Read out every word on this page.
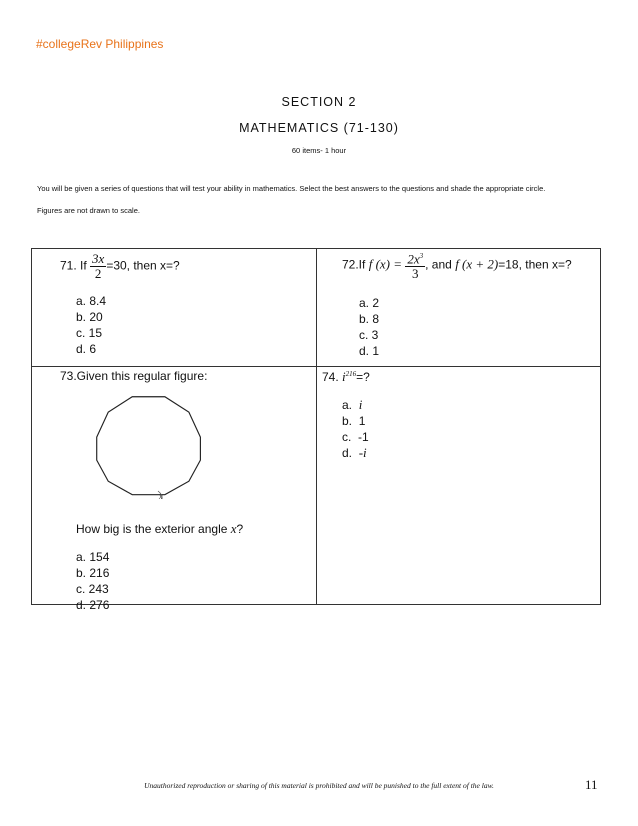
#collegeRev Philippines
SECTION 2
MATHEMATICS (71-130)
60 items- 1 hour
You will be given a series of questions that will test your ability in mathematics. Select the best answers to the questions and shade the appropriate circle.
Figures are not drawn to scale.
71. If $\frac{3x}{2} =30$, then x=?
a. 8.4
b. 20
c. 15
d. 6
72.If f $(x) = \frac{2x^3}{3}$ , and f (x + 2)=18, then x=?
a. 2
b. 8
c. 3
d. 1
73.Given this regular figure:
x
How big is the exterior angle x?
a. 154
b. 216
c. 243
d. 276
74. $i^{216}=$?
a. i
b. 1
c. -1
d. -i
Unauthorized reproduction or sharing of this material is prohibited and will be punished to the full extent of the law.	11
